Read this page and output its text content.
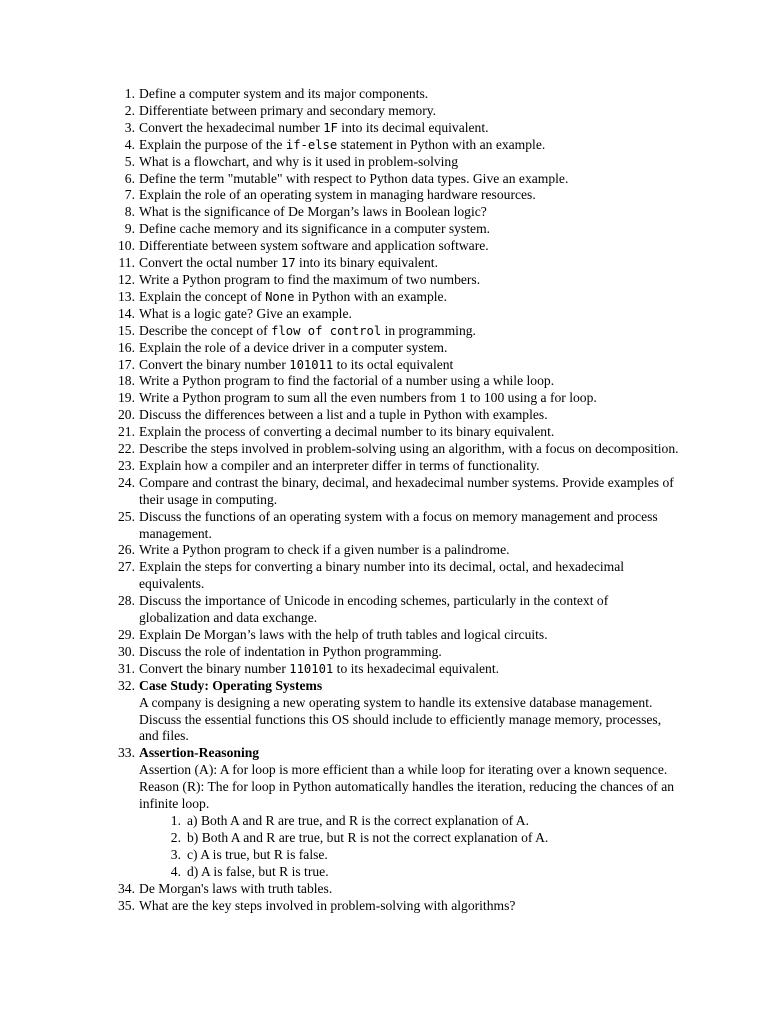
1. Define a computer system and its major components.
2. Differentiate between primary and secondary memory.
3. Convert the hexadecimal number 1F into its decimal equivalent.
4. Explain the purpose of the if-else statement in Python with an example.
5. What is a flowchart, and why is it used in problem-solving
6. Define the term "mutable" with respect to Python data types. Give an example.
7. Explain the role of an operating system in managing hardware resources.
8. What is the significance of De Morgan’s laws in Boolean logic?
9. Define cache memory and its significance in a computer system.
10. Differentiate between system software and application software.
11. Convert the octal number 17 into its binary equivalent.
12. Write a Python program to find the maximum of two numbers.
13. Explain the concept of None in Python with an example.
14. What is a logic gate? Give an example.
15. Describe the concept of flow of control in programming.
16. Explain the role of a device driver in a computer system.
17. Convert the binary number 101011 to its octal equivalent
18. Write a Python program to find the factorial of a number using a while loop.
19. Write a Python program to sum all the even numbers from 1 to 100 using a for loop.
20. Discuss the differences between a list and a tuple in Python with examples.
21. Explain the process of converting a decimal number to its binary equivalent.
22. Describe the steps involved in problem-solving using an algorithm, with a focus on decomposition.
23. Explain how a compiler and an interpreter differ in terms of functionality.
24. Compare and contrast the binary, decimal, and hexadecimal number systems. Provide examples of their usage in computing.
25. Discuss the functions of an operating system with a focus on memory management and process management.
26. Write a Python program to check if a given number is a palindrome.
27. Explain the steps for converting a binary number into its decimal, octal, and hexadecimal equivalents.
28. Discuss the importance of Unicode in encoding schemes, particularly in the context of globalization and data exchange.
29. Explain De Morgan’s laws with the help of truth tables and logical circuits.
30. Discuss the role of indentation in Python programming.
31. Convert the binary number 110101 to its hexadecimal equivalent.
32. Case Study: Operating Systems
A company is designing a new operating system to handle its extensive database management. Discuss the essential functions this OS should include to efficiently manage memory, processes, and files.
33. Assertion-Reasoning
Assertion (A): A for loop is more efficient than a while loop for iterating over a known sequence. Reason (R): The for loop in Python automatically handles the iteration, reducing the chances of an infinite loop.
1. a) Both A and R are true, and R is the correct explanation of A.
2. b) Both A and R are true, but R is not the correct explanation of A.
3. c) A is true, but R is false.
4. d) A is false, but R is true.
34. De Morgan's laws with truth tables.
35. What are the key steps involved in problem-solving with algorithms?
